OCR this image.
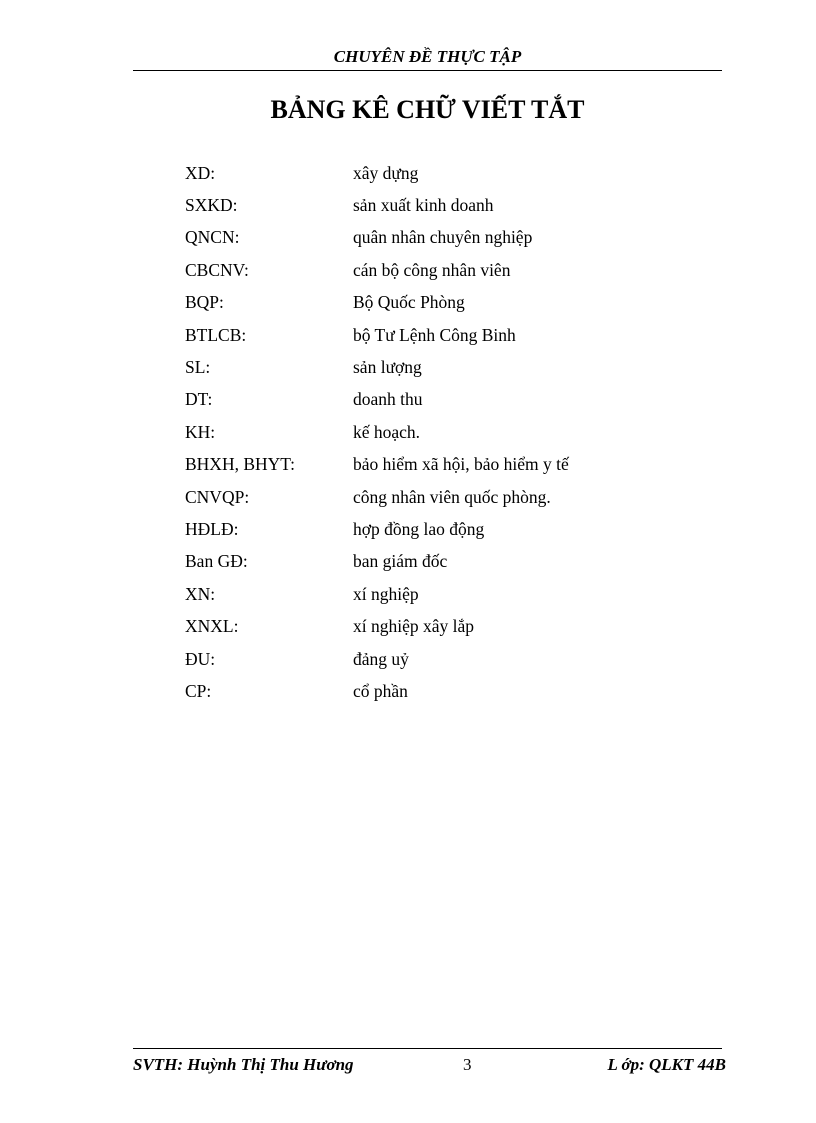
CHUYÊN ĐỀ THỰC TẬP
BẢNG KÊ CHỮ VIẾT TẮT
XD:	xây dựng
SXKD:	sản xuất kinh doanh
QNCN:	quân nhân chuyên nghiệp
CBCNV:	cán bộ công nhân viên
BQP:	Bộ Quốc Phòng
BTLCB:	bộ Tư Lệnh Công Binh
SL:	sản lượng
DT:	doanh thu
KH:	kế hoạch.
BHXH, BHYT:	bảo hiểm xã hội, bảo hiểm y tế
CNVQP:	công nhân viên quốc phòng.
HĐLĐ:	hợp đồng lao động
Ban GĐ:	ban giám đốc
XN:	xí nghiệp
XNXL:	xí nghiệp xây lắp
ĐU:	đảng uỷ
CP:	cổ phần
SVTH: Huỳnh Thị Thu Hương	3	L ớp: QLKT 44B
